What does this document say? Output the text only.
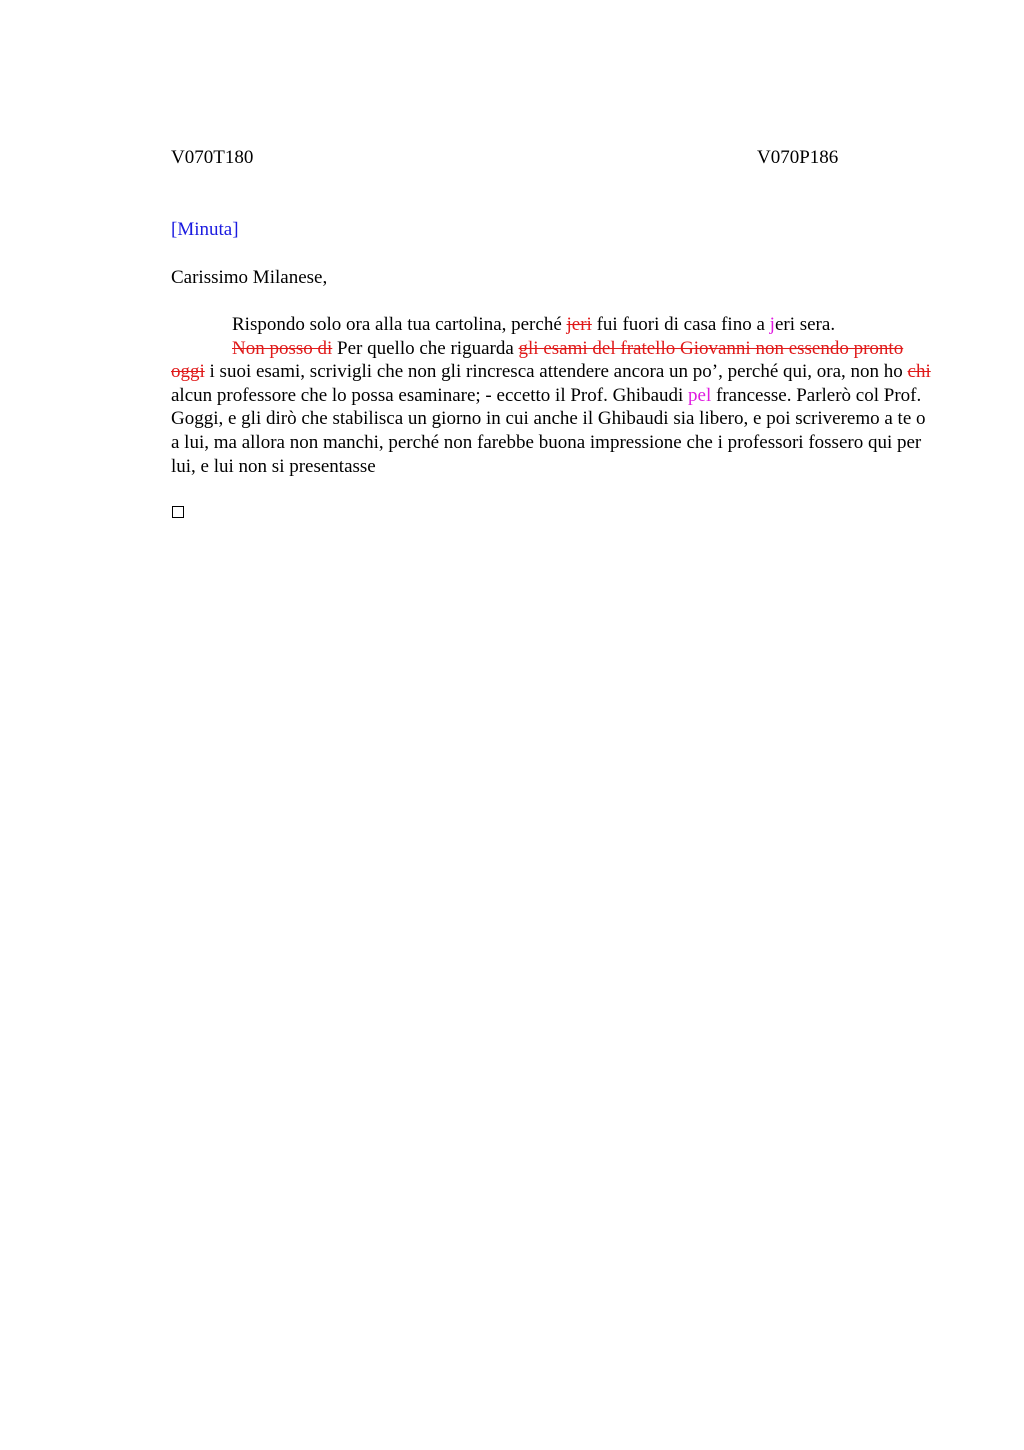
V070T180	V070P186
[Minuta]
Carissimo Milanese,

Rispondo solo ora alla tua cartolina, perché jeri fui fuori di casa fino a jeri sera.

Non posso di Per quello che riguarda gli esami del fratello Giovanni non essendo pronto oggi i suoi esami, scrivigli che non gli rincresca attendere ancora un po’, perché qui, ora, non ho chi alcun professore che lo possa esaminare; - eccetto il Prof. Ghibaudi pel francesse. Parlerò col Prof. Goggi, e gli dirò che stabilisca un giorno in cui anche il Ghibaudi sia libero, e poi scriveremo a te o a lui, ma allora non manchi, perché non farebbe buona impressione che i professori fossero qui per lui, e lui non si presentasse
